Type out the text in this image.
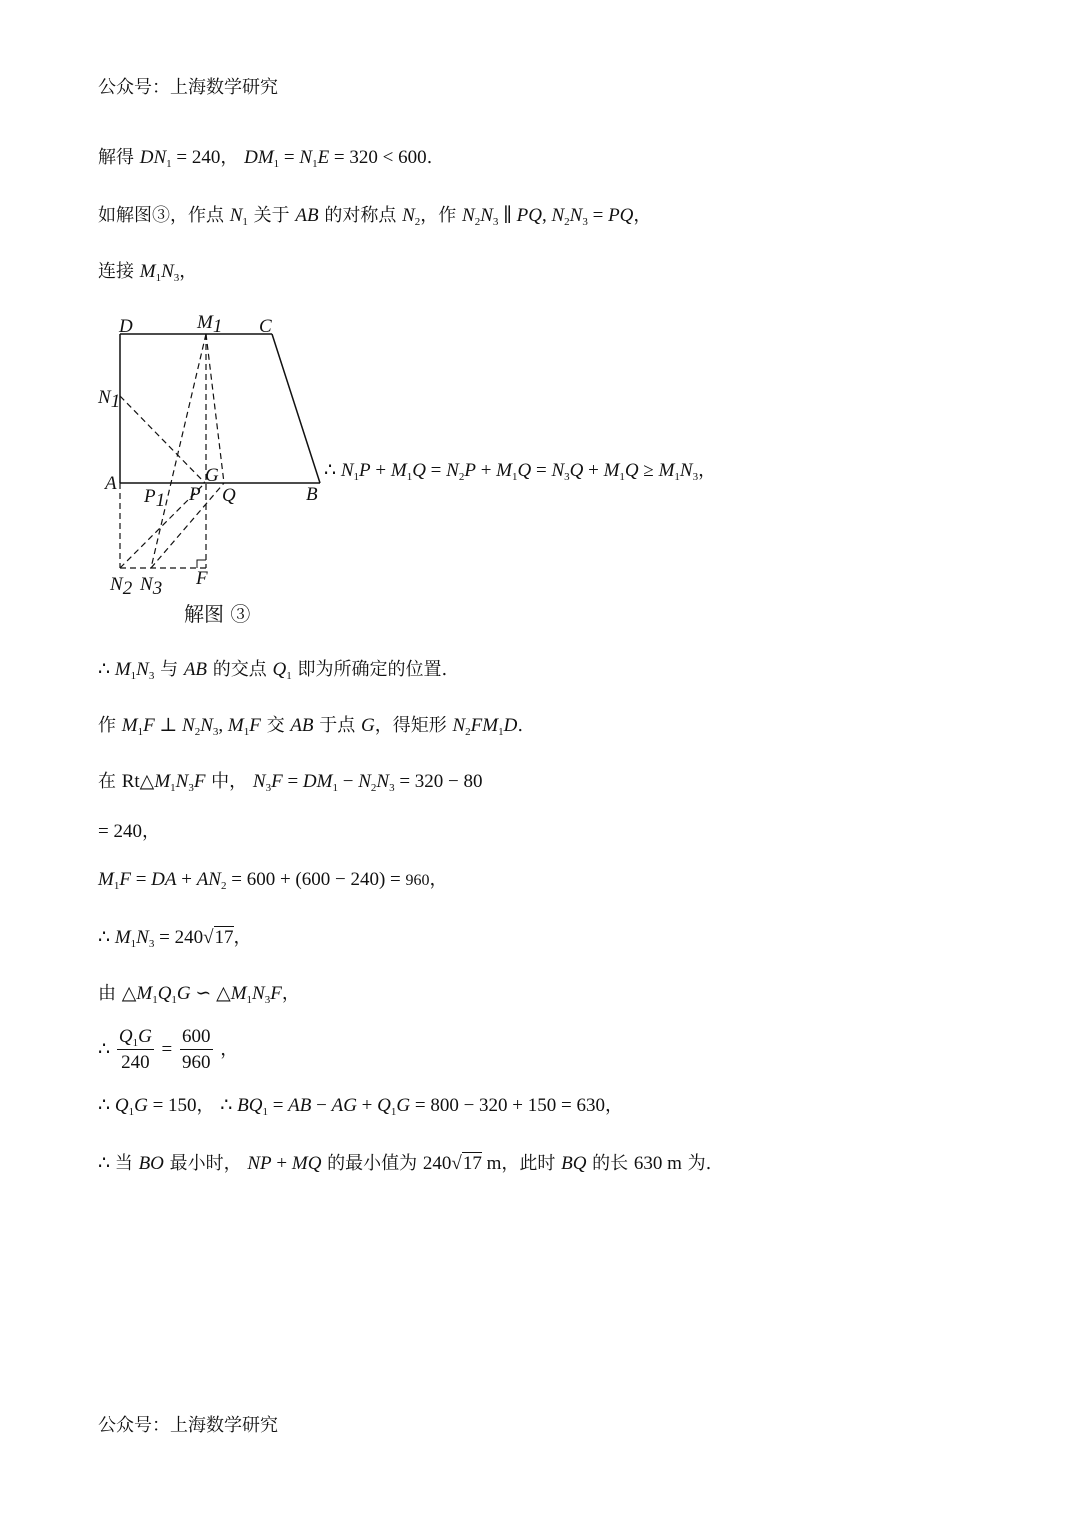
公众号：上海数学研究
解得 $DN_1 = 240$， $DM_1 = N_1E = 320 < 600$.
如解图③，作点 $N_1$ 关于 AB 的对称点 $N_2$，作 $N_2N_3$ ∥ PQ, $N_2N_3$ = PQ，
连接 $M_1N_3$，
D	M1 C
N1
A
B
G
P1 P Q
N2 N3 F
解图 ③
∴ $N_1P + M_1Q = N_2P + M_1Q = N_3Q + M_1Q \ge M_1N_3$，
∴ $M_1N_3$ 与 AB 的交点 $Q_1$ 即为所确定的位置.
作 $M_1F$ ⊥ $N_2N_3$, $M_1F$ 交 AB 于点 G，得矩形 $N_2FM_1D$.
在 $Rt\triangle M_1N_3F$ 中， $N_3F = DM_1 - N_2N_3 = 320 - 80$
= 240，
$M_1F$ = DA + $AN_2 = 600 + (600 - 240) = 960$，
∴ $M_1N_3 = 240√17$，
由 $\triangle M_1Q_1G$ ∽ $\triangle M_1N_3F$，
∴ $\frac{Q_1G}{240} = \frac{600}{960}$ ，
∴ $Q_1G = 150$， ∴ $BQ_1$ = AB − AG + $Q_1G = 800 - 320 + 150 = 630$，
∴ 当 BO 最小时， NP + MQ 的最小值为 240√17 m，此时 BQ 的长 630 m 为.
公众号：上海数学研究
